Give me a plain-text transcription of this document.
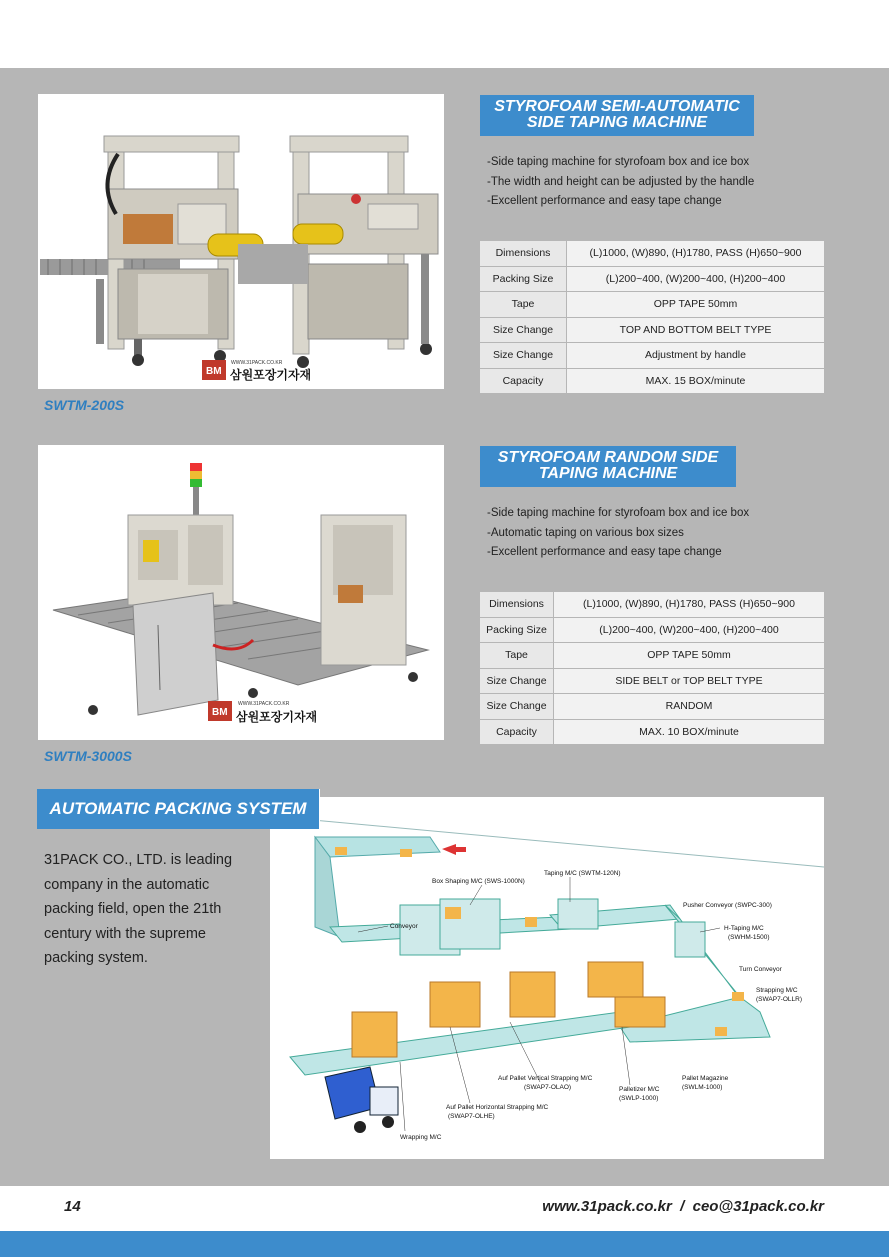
BM
WWW.31PACK.CO.KR
삼원포장기자재
SWTM-200S
STYROFOAM SEMI-AUTOMATIC
SIDE TAPING MACHINE
-Side taping machine for styrofoam box and ice box
-The width and height can be adjusted by the handle
-Excellent performance and easy tape change
Dimensions	(L)1000, (W)890, (H)1780, PASS (H)650~900
Packing Size	(L)200~400, (W)200~400, (H)200~400
Tape	OPP TAPE 50mm
Size Change	TOP AND BOTTOM BELT TYPE
Size Change	Adjustment by handle
Capacity	MAX. 15 BOX/minute
BM
WWW.31PACK.CO.KR
삼원포장기자재
SWTM-3000S
STYROFOAM RANDOM SIDE
TAPING MACHINE
-Side taping machine for styrofoam box and ice box
-Automatic taping on various box sizes
-Excellent performance and easy tape change
Dimensions	(L)1000, (W)890, (H)1780, PASS (H)650~900
Packing Size	(L)200~400, (W)200~400, (H)200~400
Tape	OPP TAPE 50mm
Size Change	SIDE BELT or TOP BELT TYPE
Size Change	RANDOM
Capacity	MAX. 10 BOX/minute
Box Shaping M/C (SWS-1000N)
Taping M/C (SWTM-120N)
Pusher Conveyor (SWPC-300)
Conveyor	H-Taping M/C
(SWHM-1500)
Turn Conveyor
Strapping M/C
(SWAP7-OLLR)
Auf Pallet Vertical Strapping M/C
(SWAP7-OLAO)
Pallet Magazine
(SWLM-1000)
Palletizer M/C
(SWLP-1000)
Auf Pallet Horizontal Strapping M/C
(SWAP7-OLHE)
Wrapping M/C
AUTOMATIC PACKING SYSTEM
31PACK CO., LTD. is leading company in the automatic packing field, open the 21th century with the supreme packing system.
14	www.31pack.co.kr  /  ceo@31pack.co.kr
